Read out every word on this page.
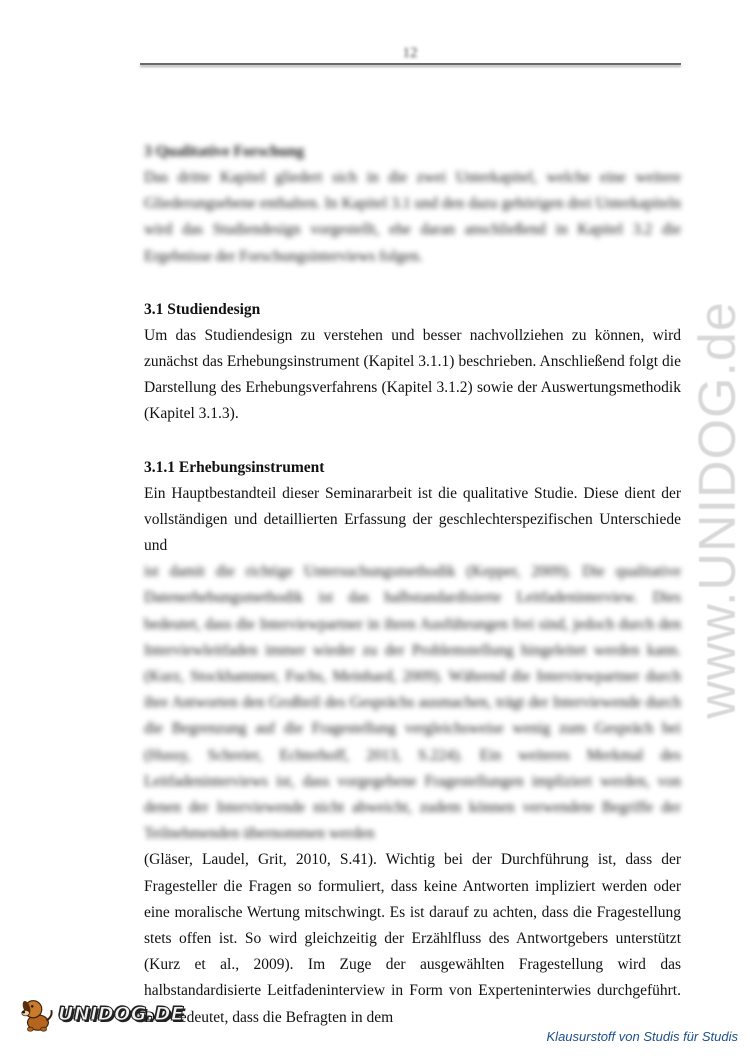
12
3 Qualitative Forschung

Das dritte Kapitel gliedert sich in die zwei Unterkapitel, welche eine weitere Gliederungsebene enthalten. In Kapitel 3.1 und den dazu gehörigen drei Unterkapiteln wird das Studiendesign vorgestellt, ehe daran anschließend in Kapitel 3.2 die Ergebnisse der Forschungsinterviews folgen.

3.1 Studiendesign

Um das Studiendesign zu verstehen und besser nachvollziehen zu können, wird zunächst das Erhebungsinstrument (Kapitel 3.1.1) beschrieben. Anschließend folgt die Darstellung des Erhebungsverfahrens (Kapitel 3.1.2) sowie der Auswertungsmethodik (Kapitel 3.1.3).

3.1.1 Erhebungsinstrument

Ein Hauptbestandteil dieser Seminararbeit ist die qualitative Studie. Diese dient der vollständigen und detaillierten Erfassung der geschlechterspezifischen Unterschiede und

ist damit die richtige Untersuchungsmethodik (Kepper, 2009). Die qualitative Datenerhebungsmethodik ist das halbstandardisierte Leitfadeninterview. Dies bedeutet, dass die Interviewpartner in ihren Ausführungen frei sind, jedoch durch den Interviewleitfaden immer wieder zu der Problemstellung hingeleitet werden kann. (Kurz, Stockhammer, Fuchs, Meinhard, 2009). Während die Interviewpartner durch ihre Antworten den Großteil des Gesprächs ausmachen, trägt der Interviewende durch die Begrenzung auf die Fragestellung vergleichsweise wenig zum Gespräch bei (Hussy, Schreier, Echterhoff, 2013, S.224). Ein weiteres Merkmal des Leitfadeninterviews ist, dass vorgegebene Fragestellungen impliziert werden, von denen der Interviewende nicht abweicht, zudem können verwendete Begriffe der Teilnehmenden übernommen werden

(Gläser, Laudel, Grit, 2010, S.41). Wichtig bei der Durchführung ist, dass der Fragesteller die Fragen so formuliert, dass keine Antworten impliziert werden oder eine moralische Wertung mitschwingt. Es ist darauf zu achten, dass die Fragestellung stets offen ist. So wird gleichzeitig der Erzählfluss des Antwortgebers unterstützt (Kurz et al., 2009). Im Zuge der ausgewählten Fragestellung wird das halbstandardisierte Leitfadeninterview in Form von Experteninterwies durchgeführt. Das bedeutet, dass die Befragten in dem

www.UNIDOG.de
UNIDOG.DE
Klausurstoff von Studis für Studis
